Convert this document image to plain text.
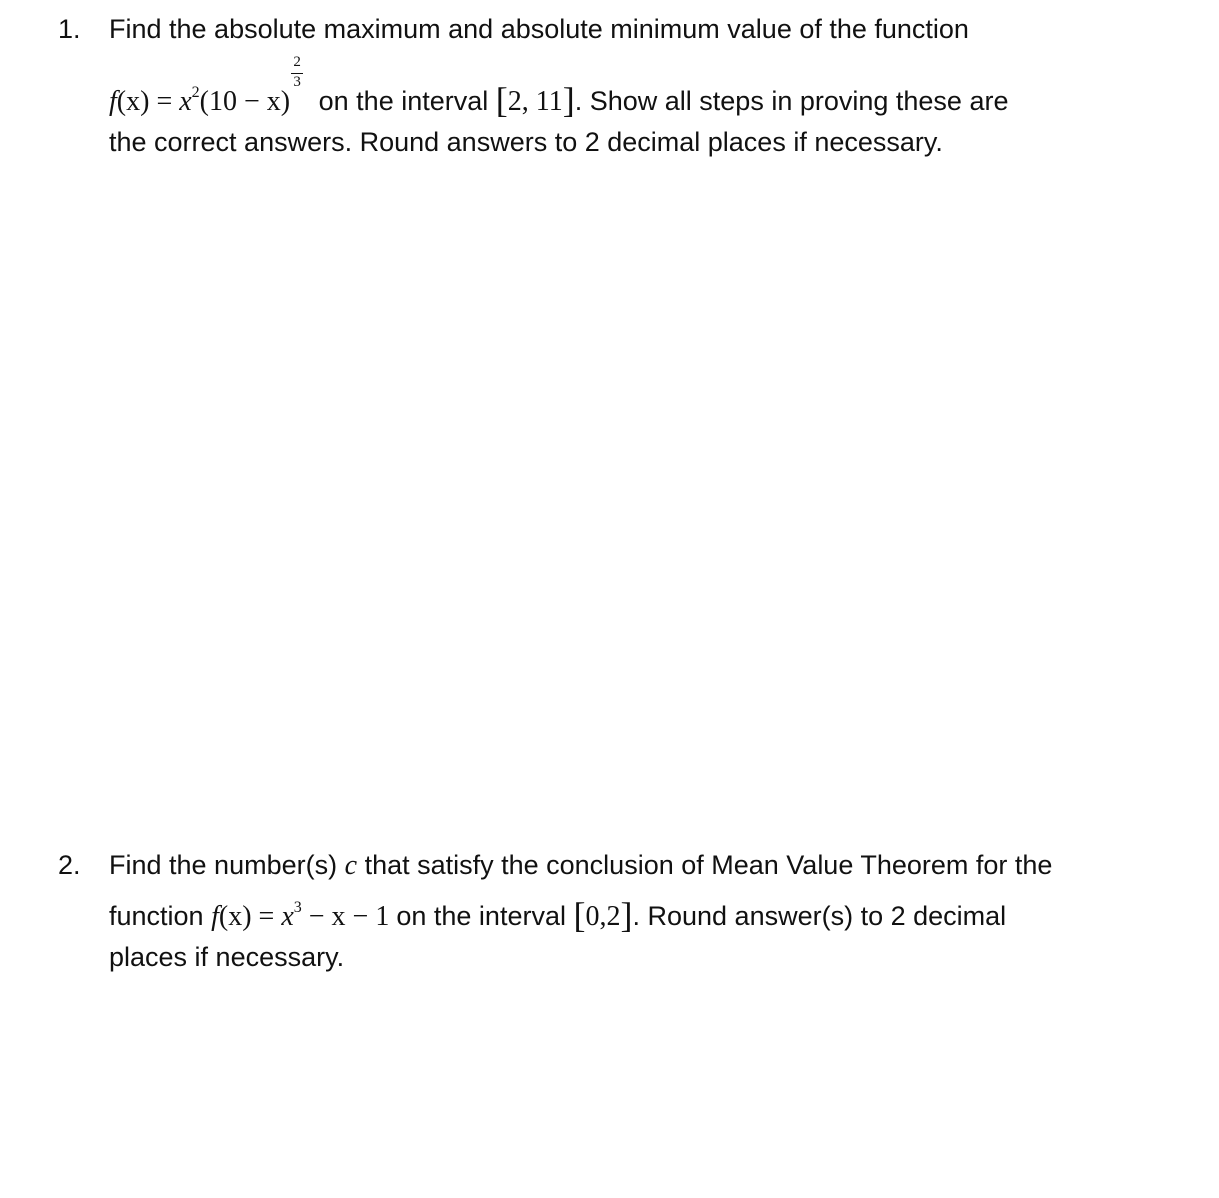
1. Find the absolute maximum and absolute minimum value of the function
$f(x) = x^2(10 - x) \frac{2}{3}$ on the interval [2, 11]. Show all steps in proving these are
the correct answers. Round answers to 2 decimal places if necessary.
2. Find the number(s) c that satisfy the conclusion of Mean Value Theorem for the
function $f(x) = x^3 - x - 1$ on the interval [0,2]. Round answer(s) to 2 decimal
places if necessary.
